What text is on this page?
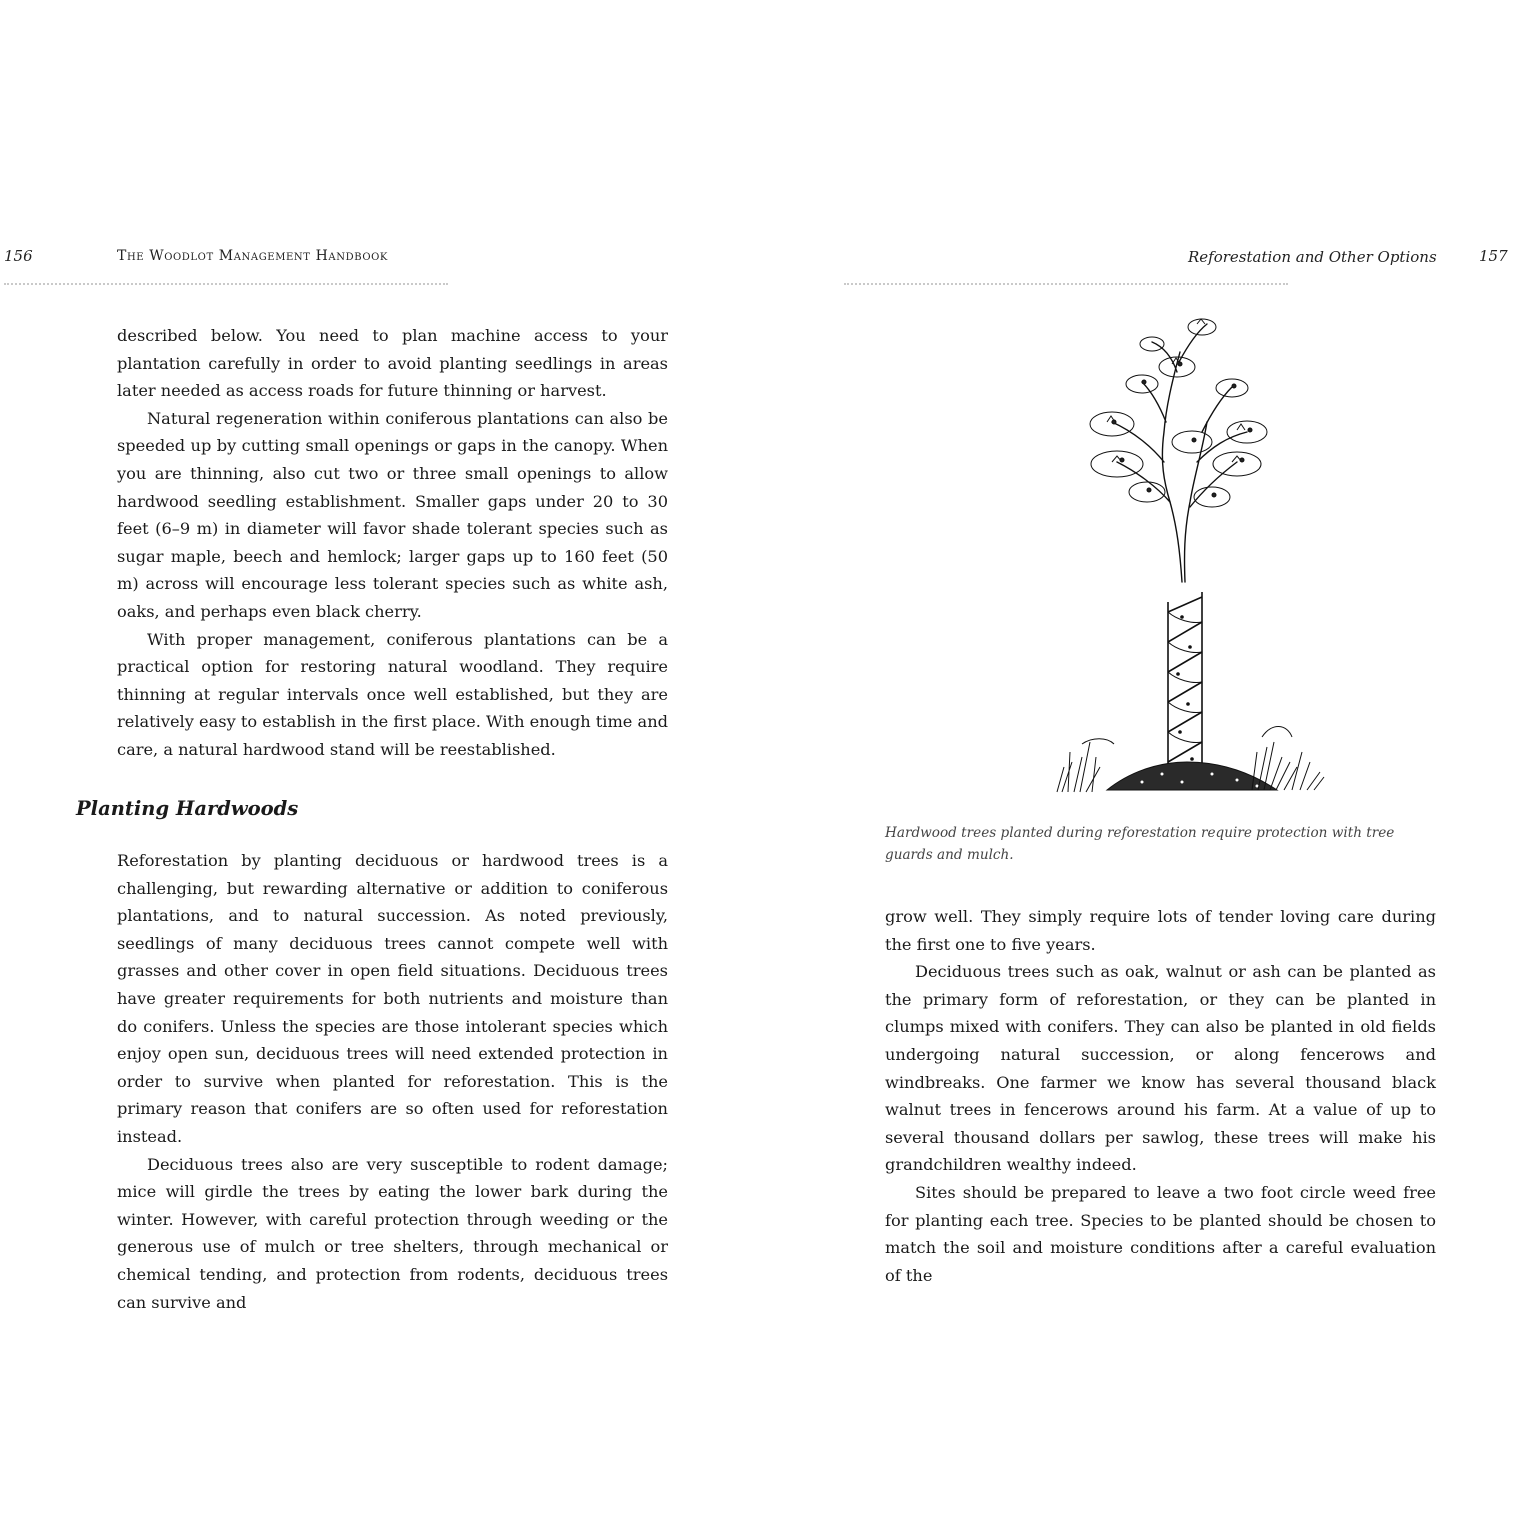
156	The Woodlot Management Handbook

described below. You need to plan machine access to your plantation carefully in order to avoid planting seedlings in areas later needed as access roads for future thinning or harvest.

Natural regeneration within coniferous plantations can also be speeded up by cutting small openings or gaps in the canopy. When you are thinning, also cut two or three small openings to allow hardwood seedling establishment. Smaller gaps under 20 to 30 feet (6–9 m) in diameter will favor shade tolerant species such as sugar maple, beech and hemlock; larger gaps up to 160 feet (50 m) across will encourage less tolerant species such as white ash, oaks, and perhaps even black cherry.

With proper management, coniferous plantations can be a practical option for restoring natural woodland. They require thinning at regular intervals once well established, but they are relatively easy to establish in the first place. With enough time and care, a natural hardwood stand will be reestablished.

Planting Hardwoods

Reforestation by planting deciduous or hardwood trees is a challenging, but rewarding alternative or addition to coniferous plantations, and to natural succession. As noted previously, seedlings of many deciduous trees cannot compete well with grasses and other cover in open field situations. Deciduous trees have greater requirements for both nutrients and moisture than do conifers. Unless the species are those intolerant species which enjoy open sun, deciduous trees will need extended protection in order to survive when planted for reforestation. This is the primary reason that conifers are so often used for reforestation instead.

Deciduous trees also are very susceptible to rodent damage; mice will girdle the trees by eating the lower bark during the winter. However, with careful protection through weeding or the generous use of mulch or tree shelters, through mechanical or chemical tending, and protection from rodents, deciduous trees can survive and

Reforestation and Other Options	157
Hardwood trees planted during reforestation require protection with tree guards and mulch.

grow well. They simply require lots of tender loving care during the first one to five years.

Deciduous trees such as oak, walnut or ash can be planted as the primary form of reforestation, or they can be planted in clumps mixed with conifers. They can also be planted in old fields undergoing natural succession, or along fencerows and windbreaks. One farmer we know has several thousand black walnut trees in fencerows around his farm. At a value of up to several thousand dollars per sawlog, these trees will make his grandchildren wealthy indeed.

Sites should be prepared to leave a two foot circle weed free for planting each tree. Species to be planted should be chosen to match the soil and moisture conditions after a careful evaluation of the
